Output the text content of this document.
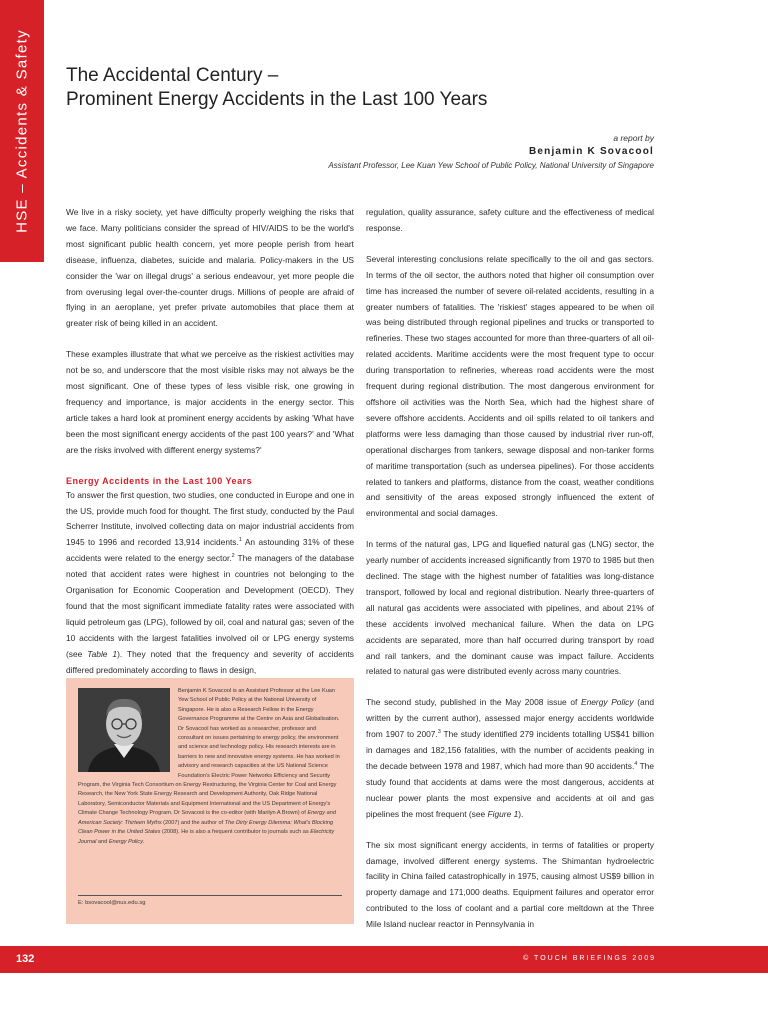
HSE – Accidents & Safety The Accidental Century –
Prominent Energy Accidents in the Last 100 Years
a report by
Benjamin K Sovacool
Assistant Professor, Lee Kuan Yew School of Public Policy, National University of Singapore

We live in a risky society, yet have difficulty properly weighing the risks that we face. Many politicians consider the spread of HIV/AIDS to be the world's most significant public health concern, yet more people perish from heart disease, influenza, diabetes, suicide and malaria. Policy-makers in the US consider the 'war on illegal drugs' a serious endeavour, yet more people die from overusing legal over-the-counter drugs. Millions of people are afraid of flying in an aeroplane, yet prefer private automobiles that place them at greater risk of being killed in an accident.

These examples illustrate that what we perceive as the riskiest activities may not be so, and underscore that the most visible risks may not always be the most significant. One of these types of less visible risk, one growing in frequency and importance, is major accidents in the energy sector. This article takes a hard look at prominent energy accidents by asking 'What have been the most significant energy accidents of the past 100 years?' and 'What are the risks involved with different energy systems?'

Energy Accidents in the Last 100 Years

To answer the first question, two studies, one conducted in Europe and one in the US, provide much food for thought. The first study, conducted by the Paul Scherrer Institute, involved collecting data on major industrial accidents from 1945 to 1996 and recorded 13,914 incidents.$^1$ An astounding 31% of these accidents were related to the energy sector.$^2$ The managers of the database noted that accident rates were highest in countries not belonging to the Organisation for Economic Cooperation and Development (OECD). They found that the most significant immediate fatality rates were associated with liquid petroleum gas (LPG), followed by oil, coal and natural gas; seven of the 10 accidents with the largest fatalities involved oil or LPG energy systems (see Table 1). They noted that the frequency and severity of accidents differed predominately according to flaws in design,

Benjamin K Sovacool is an Assistant Professor at the Lee Kuan Yew School of Public Policy at the National University of Singapore. He is also a Research Fellow in the Energy Governance Programme at the Centre on Asia and Globalisation. Dr Sovacool has worked as a researcher, professor and consultant on issues pertaining to energy policy, the environment and science and technology policy. His research interests are in barriers to new and innovative energy systems. He has worked in advisory and research capacities at the US National Science Foundation's Electric Power Networks Efficiency and Security Program, the Virginia Tech Consortium on Energy Restructuring, the Virginia Center for Coal and Energy Research, the New York State Energy Research and Development Authority, Oak Ridge National Laboratory, Semiconductor Materials and Equipment International and the US Department of Energy's Climate Change Technology Program. Dr Sovacool is the co-editor (with Marilyn A Brown) of Energy and American Society: Thirteen Myths (2007) and the author of The Dirty Energy Dilemma: What's Blocking Clean Power in the United States (2008). He is also a frequent contributor to journals such as Electricity Journal and Energy Policy.
E: bsovacool@nus.edu.sg

regulation, quality assurance, safety culture and the effectiveness of medical response.

Several interesting conclusions relate specifically to the oil and gas sectors. In terms of the oil sector, the authors noted that higher oil consumption over time has increased the number of severe oil-related accidents, resulting in a greater numbers of fatalities. The 'riskiest' stages appeared to be when oil was being distributed through regional pipelines and trucks or transported to refineries. These two stages accounted for more than three-quarters of all oil-related accidents. Maritime accidents were the most frequent type to occur during transportation to refineries, whereas road accidents were the most frequent during regional distribution. The most dangerous environment for offshore oil activities was the North Sea, which had the highest share of severe offshore accidents. Accidents and oil spills related to oil tankers and platforms were less damaging than those caused by industrial river run-off, operational discharges from tankers, sewage disposal and non-tanker forms of maritime transportation (such as undersea pipelines). For those accidents related to tankers and platforms, distance from the coast, weather conditions and sensitivity of the areas exposed strongly influenced the extent of environmental and social damages.

In terms of the natural gas, LPG and liquefied natural gas (LNG) sector, the yearly number of accidents increased significantly from 1970 to 1985 but then declined. The stage with the highest number of fatalities was long-distance transport, followed by local and regional distribution. Nearly three-quarters of all natural gas accidents were associated with pipelines, and about 21% of these accidents involved mechanical failure. When the data on LPG accidents are separated, more than half occurred during transport by road and rail tankers, and the dominant cause was impact failure. Accidents related to natural gas were distributed evenly across many countries.

The second study, published in the May 2008 issue of Energy Policy (and written by the current author), assessed major energy accidents worldwide from 1907 to 2007.$^3$ The study identified 279 incidents totalling US$41 billion in damages and 182,156 fatalities, with the number of accidents peaking in the decade between 1978 and 1987, which had more than 90 accidents.$^4$ The study found that accidents at dams were the most dangerous, accidents at nuclear power plants the most expensive and accidents at oil and gas pipelines the most frequent (see Figure 1).

The six most significant energy accidents, in terms of fatalities or property damage, involved different energy systems. The Shimantan hydroelectric facility in China failed catastrophically in 1975, causing almost US$9 billion in property damage and 171,000 deaths. Equipment failures and operator error contributed to the loss of coolant and a partial core meltdown at the Three Mile Island nuclear reactor in Pennsylvania in

132	© TOUCH BRIEFINGS 2009
